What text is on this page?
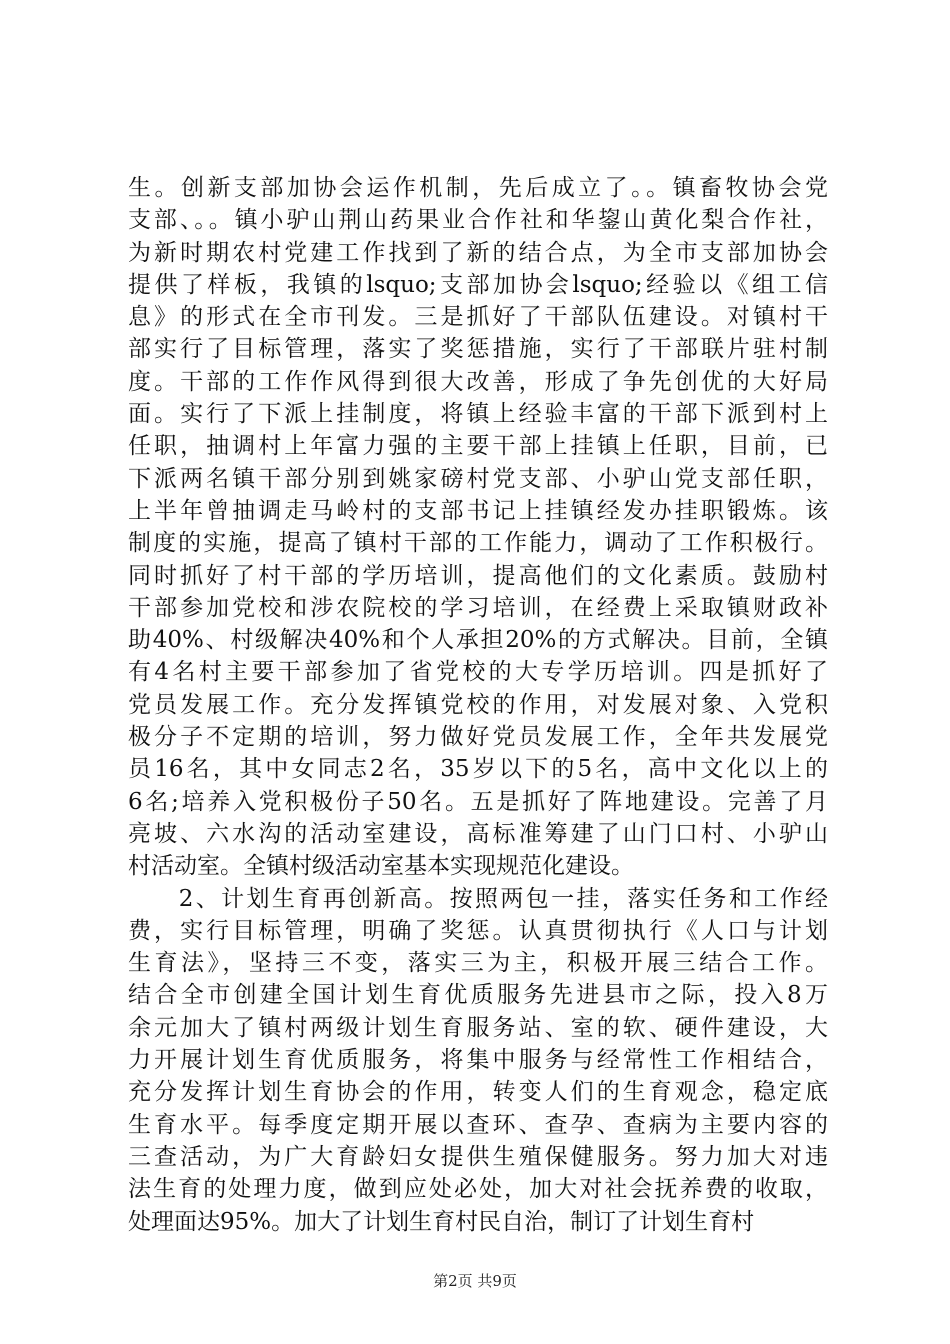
生。创新支部加协会运作机制，先后成立了。。镇畜牧协会党
支部、。。镇小驴山荆山药果业合作社和华鋆山黄化梨合作社，
为新时期农村党建工作找到了新的结合点，为全市支部加协会
提供了样板，我镇的lsquo;支部加协会lsquo;经验以《组工信
息》的形式在全市刊发。三是抓好了干部队伍建设。对镇村干
部实行了目标管理，落实了奖惩措施，实行了干部联片驻村制
度。干部的工作作风得到很大改善，形成了争先创优的大好局
面。实行了下派上挂制度，将镇上经验丰富的干部下派到村上
任职，抽调村上年富力强的主要干部上挂镇上任职，目前，已
下派两名镇干部分别到姚家磅村党支部、小驴山党支部任职，
上半年曾抽调走马岭村的支部书记上挂镇经发办挂职锻炼。该
制度的实施，提高了镇村干部的工作能力，调动了工作积极行。
同时抓好了村干部的学历培训，提高他们的文化素质。鼓励村
干部参加党校和涉农院校的学习培训，在经费上采取镇财政补
助40%、村级解决40%和个人承担20%的方式解决。目前，全镇
有4名村主要干部参加了省党校的大专学历培训。四是抓好了
党员发展工作。充分发挥镇党校的作用，对发展对象、入党积
极分子不定期的培训，努力做好党员发展工作，全年共发展党
员16名，其中女同志2名，35岁以下的5名，高中文化以上的
6名;培养入党积极份子50名。五是抓好了阵地建设。完善了月
亮坡、六水沟的活动室建设，高标准筹建了山门口村、小驴山
村活动室。全镇村级活动室基本实现规范化建设。
　　2、计划生育再创新高。按照两包一挂，落实任务和工作经
费，实行目标管理，明确了奖惩。认真贯彻执行《人口与计划
生育法》，坚持三不变，落实三为主，积极开展三结合工作。
结合全市创建全国计划生育优质服务先进县市之际，投入8万
余元加大了镇村两级计划生育服务站、室的软、硬件建设，大
力开展计划生育优质服务，将集中服务与经常性工作相结合，
充分发挥计划生育协会的作用，转变人们的生育观念，稳定底
生育水平。每季度定期开展以查环、查孕、查病为主要内容的
三查活动，为广大育龄妇女提供生殖保健服务。努力加大对违
法生育的处理力度，做到应处必处，加大对社会抚养费的收取，
处理面达95%。加大了计划生育村民自治，制订了计划生育村
第2页 共9页
